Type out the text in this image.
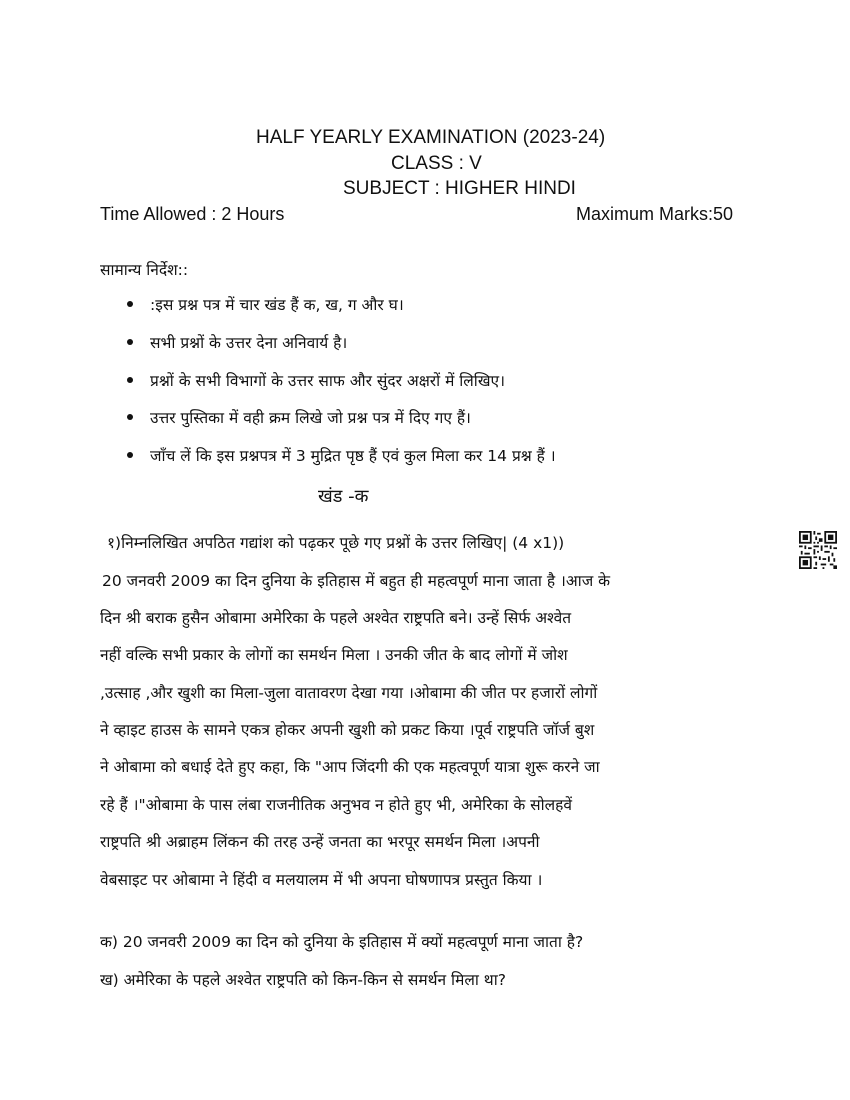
HALF YEARLY EXAMINATION (2023-24)
CLASS : V
SUBJECT : HIGHER HINDI
Time Allowed : 2 Hours	Maximum Marks:50
सामान्य निर्देश::
:इस प्रश्न पत्र में चार खंड हैं क, ख, ग और घ।
सभी प्रश्नों के उत्तर देना अनिवार्य है।
प्रश्नों के सभी विभागों के उत्तर साफ और सुंदर अक्षरों में लिखिए।
उत्तर पुस्तिका में वही क्रम लिखे जो प्रश्न पत्र में दिए गए हैं।
जाँच लें कि इस प्रश्नपत्र में 3 मुद्रित पृष्ठ हैं एवं कुल मिला कर 14 प्रश्न हैं ।
खंड -क
१)निम्नलिखित अपठित गद्यांश को पढ़कर पूछे गए प्रश्नों के उत्तर लिखिए| (4 x1))
20 जनवरी 2009 का दिन दुनिया के इतिहास में बहुत ही महत्वपूर्ण माना जाता है ।आज के
दिन श्री बराक हुसैन ओबामा अमेरिका के पहले अश्वेत राष्ट्रपति बने। उन्हें सिर्फ अश्वेत
नहीं वल्कि सभी प्रकार के लोगों का समर्थन मिला । उनकी जीत के बाद लोगों में जोश
,उत्साह ,और खुशी का मिला-जुला वातावरण देखा गया ।ओबामा की जीत पर हजारों लोगों
ने व्हाइट हाउस के सामने एकत्र होकर अपनी खुशी को प्रकट किया ।पूर्व राष्ट्रपति जॉर्ज बुश
ने ओबामा को बधाई देते हुए कहा, कि "आप जिंदगी की एक महत्वपूर्ण यात्रा शुरू करने जा
रहे हैं ।"ओबामा के पास लंबा राजनीतिक अनुभव न होते हुए भी, अमेरिका के सोलहवें
राष्ट्रपति श्री अब्राहम लिंकन की तरह उन्हें जनता का भरपूर समर्थन मिला ।अपनी
वेबसाइट पर ओबामा ने हिंदी व मलयालम में भी अपना घोषणापत्र प्रस्तुत किया ।
क) 20 जनवरी 2009 का दिन को दुनिया के इतिहास में क्यों महत्वपूर्ण माना जाता है?
ख) अमेरिका के पहले अश्वेत राष्ट्रपति को किन-किन से समर्थन मिला था?
